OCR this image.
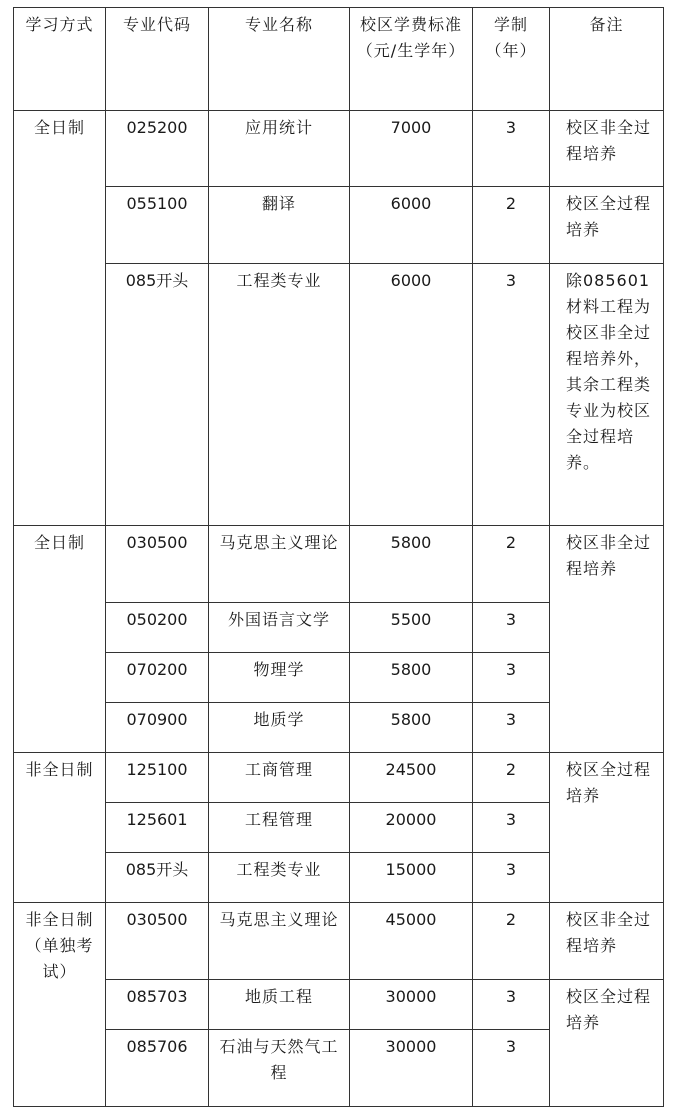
学习方式	专业代码	专业名称	校区学费标准（元/生学年）	学制（年）	备注
全日制	025200	应用统计	7000	3	校区非全过程培养
	055100	翻译	6000	2	校区全过程培养
	085开头	工程类专业	6000	3	除085601材料工程为校区非全过程培养外，其余工程类专业为校区全过程培养。
全日制	030500	马克思主义理论	5800	2	校区非全过程培养
	050200	外国语言文学	5500	3	
	070200	物理学	5800	3	
	070900	地质学	5800	3	
非全日制	125100	工商管理	24500	2	校区全过程培养
	125601	工程管理	20000	3	
	085开头	工程类专业	15000	3	
非全日制（单独考试）	030500	马克思主义理论	45000	2	校区非全过程培养
	085703	地质工程	30000	3	校区全过程培养
	085706	石油与天然气工程	30000	3	
